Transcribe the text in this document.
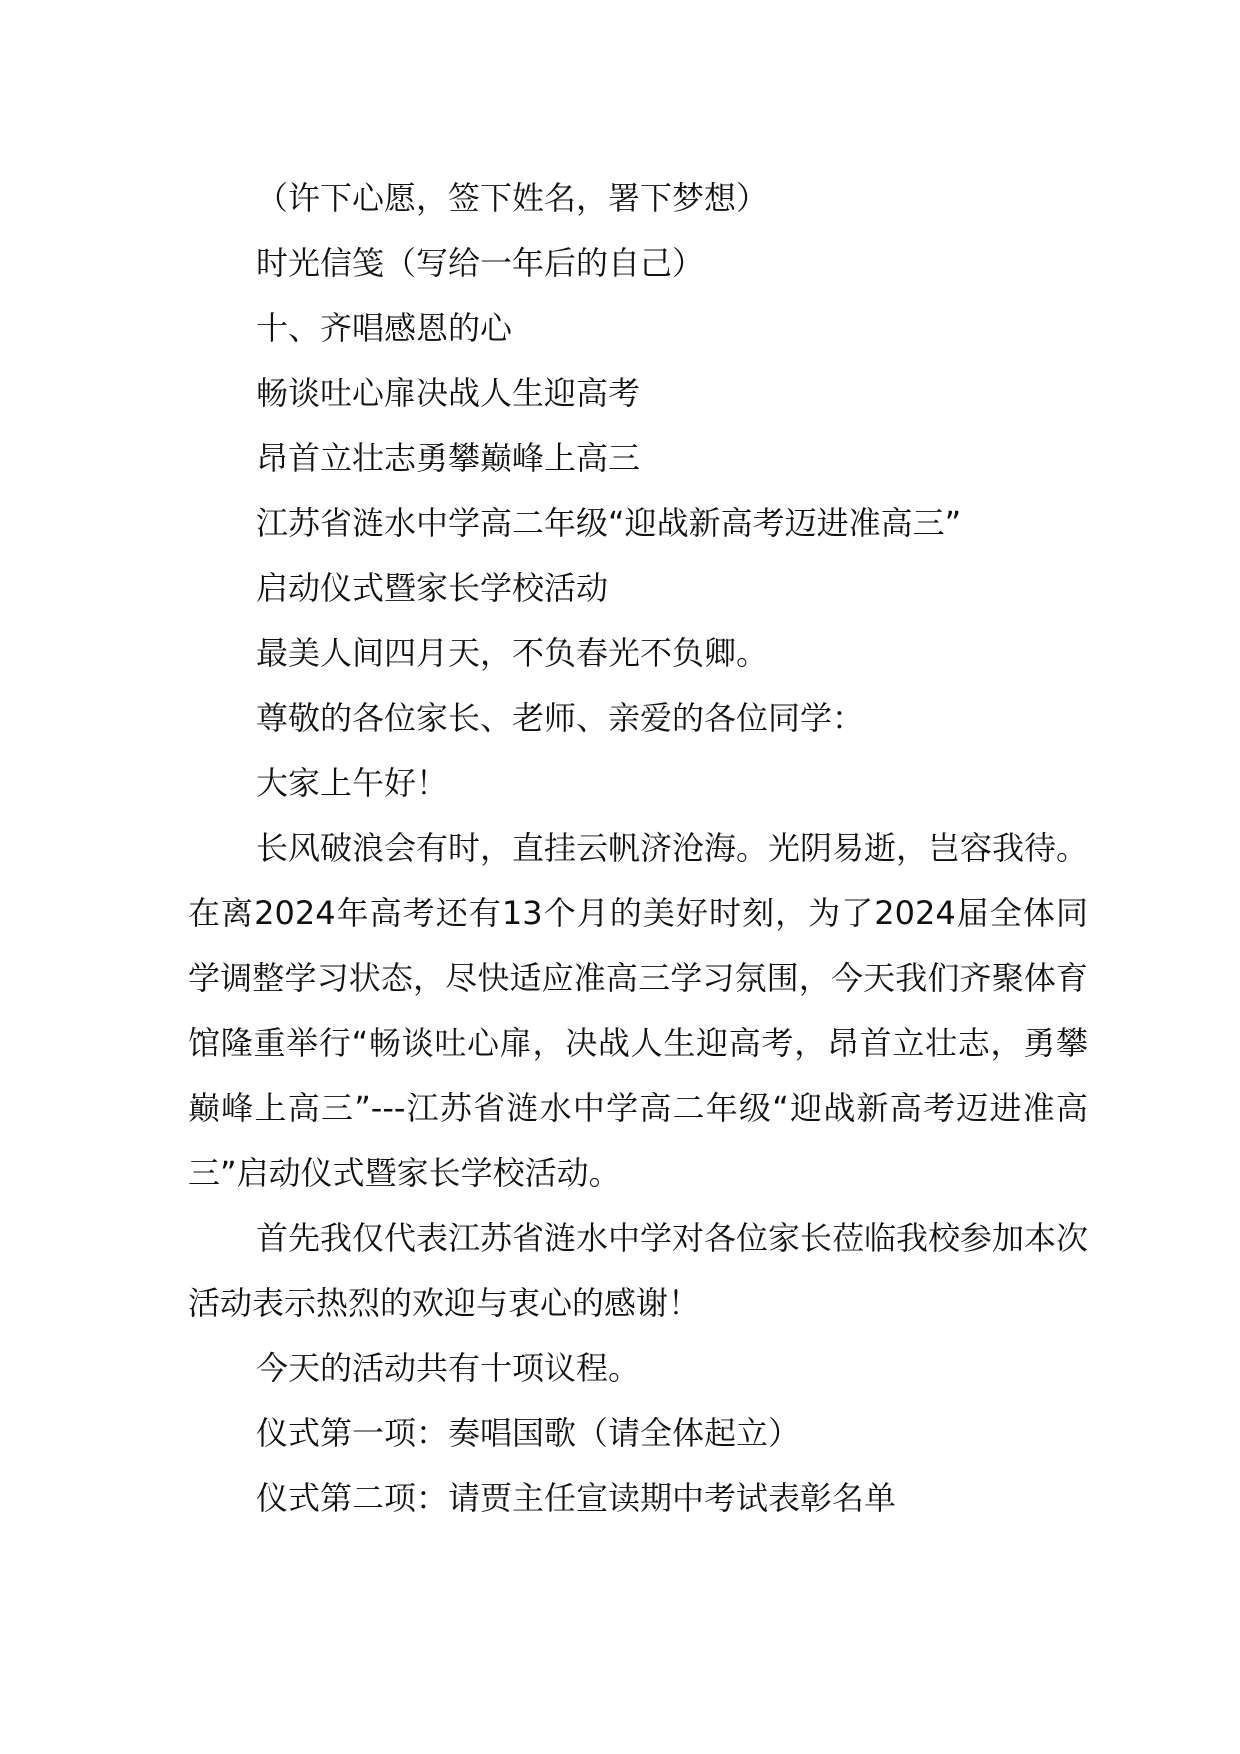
（许下心愿，签下姓名，署下梦想）

时光信笺（写给一年后的自己）

十、齐唱感恩的心

畅谈吐心扉决战人生迎高考

昂首立壮志勇攀巅峰上高三

江苏省涟水中学高二年级“迎战新高考迈进准高三”

启动仪式暨家长学校活动

最美人间四月天，不负春光不负卿。

尊敬的各位家长、老师、亲爱的各位同学：

大家上午好！

长风破浪会有时，直挂云帆济沧海。光阴易逝，岂容我待。在离2024年高考还有13个月的美好时刻，为了2024届全体同学调整学习状态，尽快适应准高三学习氛围，今天我们齐聚体育馆隆重举行“畅谈吐心扉，决战人生迎高考，昂首立壮志，勇攀巅峰上高三”---江苏省涟水中学高二年级“迎战新高考迈进准高三”启动仪式暨家长学校活动。

首先我仅代表江苏省涟水中学对各位家长莅临我校参加本次活动表示热烈的欢迎与衷心的感谢！

今天的活动共有十项议程。

仪式第一项：奏唱国歌（请全体起立）

仪式第二项：请贾主任宣读期中考试表彰名单
